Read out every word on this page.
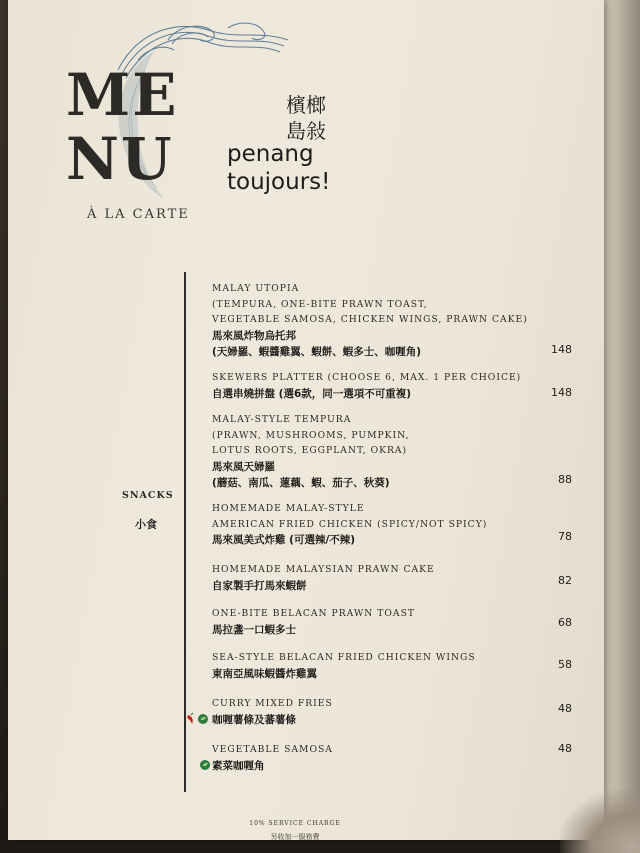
ME
NU
À LA CARTE
檳榔
島敍
penang
toujours!
SNACKS
小食
MALAY UTOPIA
(TEMPURA, ONE-BITE PRAWN TOAST,
VEGETABLE SAMOSA, CHICKEN WINGS, PRAWN CAKE)
馬來風炸物烏托邦
(天婦羅、蝦醬雞翼、蝦餅、蝦多士、咖喱角)	148
SKEWERS PLATTER (CHOOSE 6, MAX. 1 PER CHOICE)
自選串燒拼盤 (選6款，同一選項不可重複)	148
MALAY-STYLE TEMPURA
(PRAWN, MUSHROOMS, PUMPKIN,
LOTUS ROOTS, EGGPLANT, OKRA)
馬來風天婦羅
(蘑菇、南瓜、蓮藕、蝦、茄子、秋葵)	88
HOMEMADE MALAY-STYLE
AMERICAN FRIED CHICKEN (SPICY/NOT SPICY)
馬來風美式炸雞 (可選辣/不辣)	78
HOMEMADE MALAYSIAN PRAWN CAKE
自家製手打馬來蝦餅	82
ONE-BITE BELACAN PRAWN TOAST
馬拉盞一口蝦多士
68
SEA-STYLE BELACAN FRIED CHICKEN WINGS
東南亞風味蝦醬炸雞翼
58
CURRY MIXED FRIES
咖喱薯條及蕃薯條
48
VEGETABLE SAMOSA
素菜咖喱角
48
10% SERVICE CHARGE
另收加一服務費
